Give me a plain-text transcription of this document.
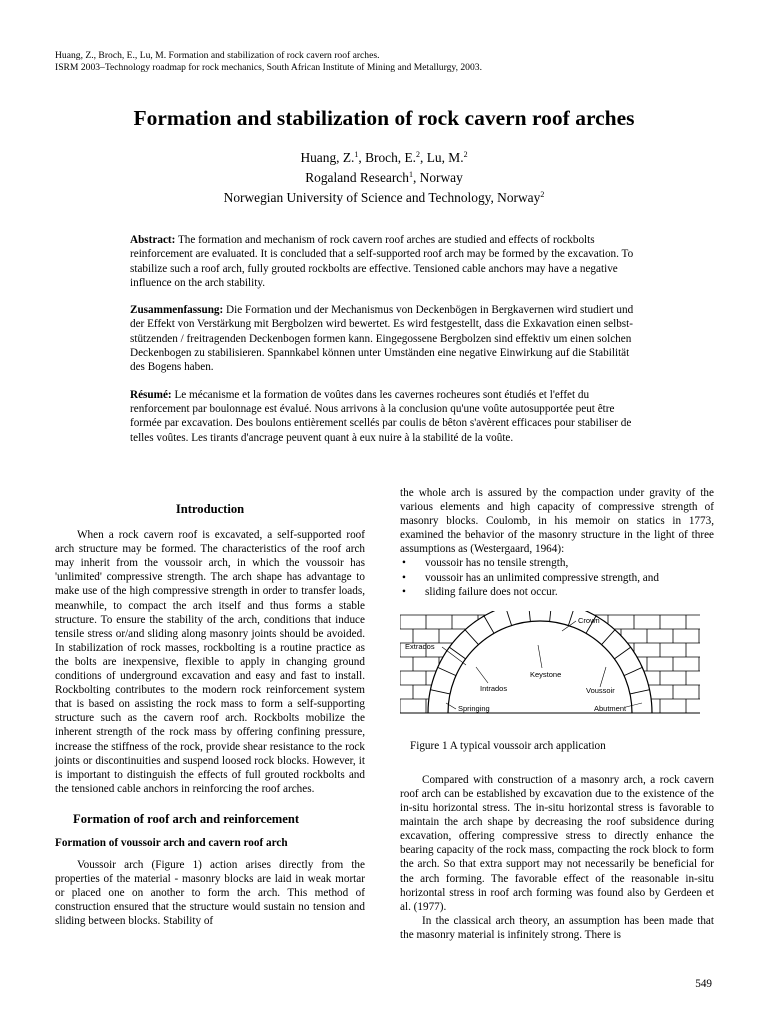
Huang, Z., Broch, E., Lu, M. Formation and stabilization of rock cavern roof arches.
ISRM 2003–Technology roadmap for rock mechanics, South African Institute of Mining and Metallurgy, 2003.
Formation and stabilization of rock cavern roof arches
Huang, Z.$^1$, Broch, E.$^2$, Lu, M.$^2$
Rogaland Research$^1$, Norway
Norwegian University of Science and Technology, Norway$^2$

Abstract: The formation and mechanism of rock cavern roof arches are studied and effects of rockbolts reinforcement are evaluated. It is concluded that a self-supported roof arch may be formed by the excavation. To stabilize such a roof arch, fully grouted rockbolts are effective. Tensioned cable anchors may have a negative influence on the arch stability.

Zusammenfassung: Die Formation und der Mechanismus von Deckenbögen in Bergkavernen wird studiert und der Effekt von Verstärkung mit Bergbolzen wird bewertet. Es wird festgestellt, dass die Exkavation einen selbst-stützenden / freitragenden Deckenbogen formen kann. Eingegossene Bergbolzen sind effektiv um einen solchen Deckenbogen zu stabilisieren. Spannkabel können unter Umständen eine negative Einwirkung auf die Stabilität des Bogens haben.

Résumé: Le mécanisme et la formation de voûtes dans les cavernes rocheures sont étudiés et l'effet du renforcement par boulonnage est évalué. Nous arrivons à la conclusion qu'une voûte autosupportée peut être formée par excavation. Des boulons entièrement scellés par coulis de bêton s'avèrent efficaces pour stabiliser de telles voûtes. Les tirants d'ancrage peuvent quant à eux nuire à la stabilité de la voûte.

Introduction

When a rock cavern roof is excavated, a self-supported roof arch structure may be formed. The characteristics of the roof arch may inherit from the voussoir arch, in which the voussoir has 'unlimited' compressive strength. The arch shape has advantage to make use of the high compressive strength in order to transfer loads, meanwhile, to compact the arch itself and thus forms a stable structure. To ensure the stability of the arch, conditions that induce tensile stress or/and sliding along masonry joints should be avoided. In stabilization of rock masses, rockbolting is a routine practice as the bolts are inexpensive, flexible to apply in changing ground conditions of underground excavation and easy and fast to install. Rockbolting contributes to the modern rock reinforcement system that is based on assisting the rock mass to form a self-supporting structure such as the cavern roof arch. Rockbolts mobilize the inherent strength of the rock mass by offering confining pressure, increase the stiffness of the rock, provide shear resistance to the rock joints or discontinuities and suspend loosed rock blocks. However, it is important to distinguish the effects of full grouted rockbolts and the tensioned cable anchors in reinforcing the roof arches.

Formation of roof arch and reinforcement
Formation of voussoir arch and cavern roof arch

Voussoir arch (Figure 1) action arises directly from the properties of the material - masonry blocks are laid in weak mortar or placed one on another to form the arch. This method of construction ensured that the structure would sustain no tension and sliding between blocks. Stability of

the whole arch is assured by the compaction under gravity of the various elements and high capacity of compressive strength of masonry blocks. Coulomb, in his memoir on statics in 1773, examined the behavior of the masonry structure in the light of three assumptions as (Westergaard, 1964):

• voussoir has no tensile strength,
• voussoir has an unlimited compressive strength, and
• sliding failure does not occur.
Crown
Extrados
Keystone
Intrados	Voussoir
Springing	Abutment
Figure 1 A typical voussoir arch application

Compared with construction of a masonry arch, a rock cavern roof arch can be established by excavation due to the existence of the in-situ horizontal stress. The in-situ horizontal stress is favorable to maintain the arch shape by decreasing the roof subsidence during excavation, offering compressive stress to directly enhance the bearing capacity of the rock mass, compacting the rock block to form the arch. So that extra support may not necessarily be beneficial for the arch forming. The favorable effect of the reasonable in-situ horizontal stress in roof arch forming was found also by Gerdeen et al. (1977).

In the classical arch theory, an assumption has been made that the masonry material is infinitely strong. There is

549
